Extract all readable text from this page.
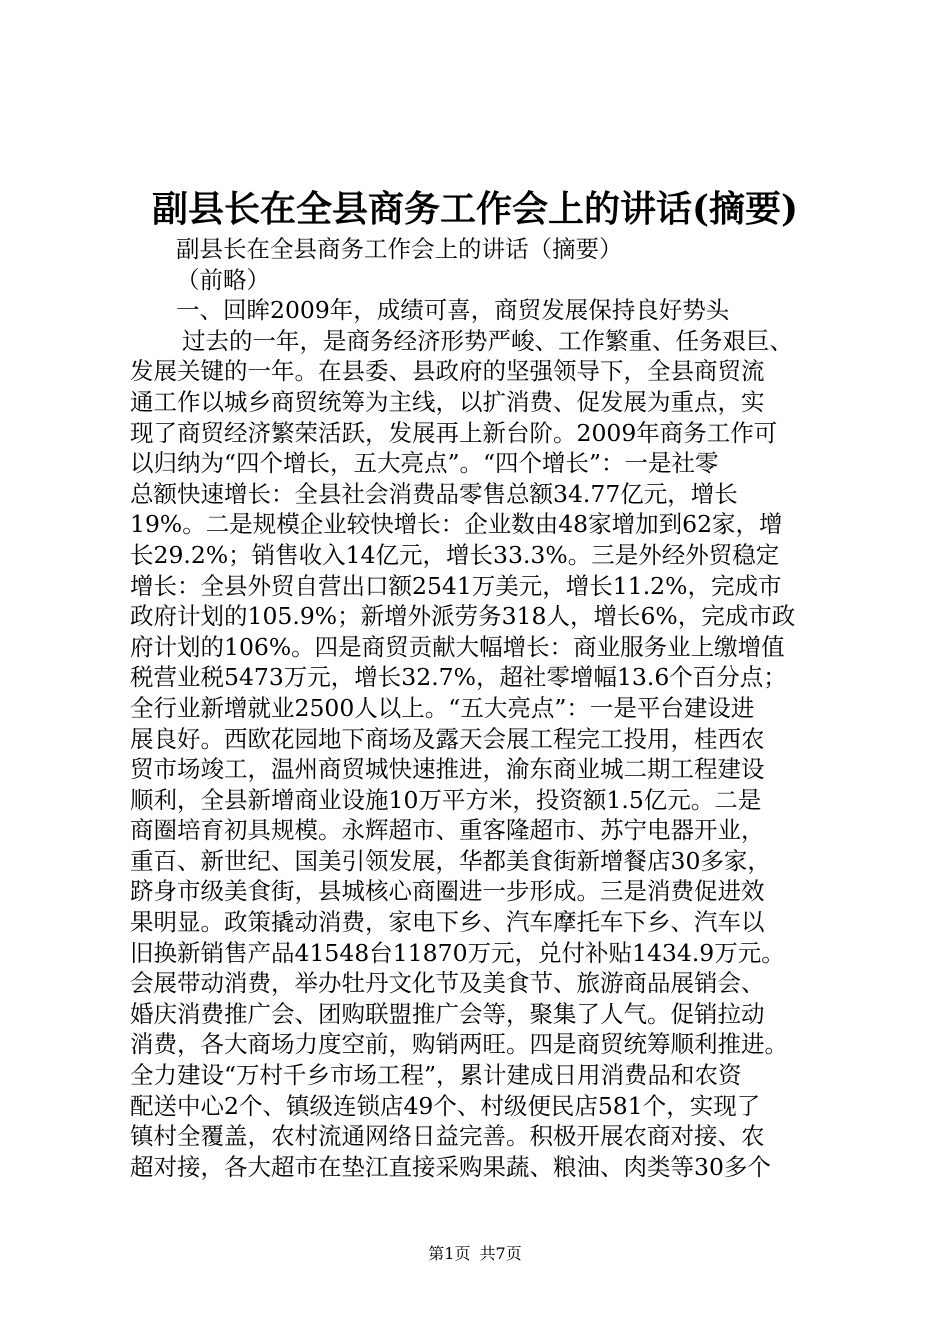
副县长在全县商务工作会上的讲话(摘要)
副县长在全县商务工作会上的讲话（摘要）
（前略）
一、回眸2009年，成绩可喜，商贸发展保持良好势头
过去的一年，是商务经济形势严峻、工作繁重、任务艰巨、
发展关键的一年。在县委、县政府的坚强领导下，全县商贸流
通工作以城乡商贸统筹为主线，以扩消费、促发展为重点，实
现了商贸经济繁荣活跃，发展再上新台阶。2009年商务工作可
以归纳为“四个增长，五大亮点”。“四个增长”：一是社零
总额快速增长：全县社会消费品零售总额34.77亿元，增长
19%。二是规模企业较快增长：企业数由48家增加到62家，增
长29.2%；销售收入14亿元，增长33.3%。三是外经外贸稳定
增长：全县外贸自营出口额2541万美元，增长11.2%，完成市
政府计划的105.9%；新增外派劳务318人，增长6%，完成市政
府计划的106%。四是商贸贡献大幅增长：商业服务业上缴增值
税营业税5473万元，增长32.7%，超社零增幅13.6个百分点；
全行业新增就业2500人以上。“五大亮点”：一是平台建设进
展良好。西欧花园地下商场及露天会展工程完工投用，桂西农
贸市场竣工，温州商贸城快速推进，渝东商业城二期工程建设
顺利，全县新增商业设施10万平方米，投资额1.5亿元。二是
商圈培育初具规模。永辉超市、重客隆超市、苏宁电器开业，
重百、新世纪、国美引领发展，华都美食街新增餐店30多家，
跻身市级美食街，县城核心商圈进一步形成。三是消费促进效
果明显。政策撬动消费，家电下乡、汽车摩托车下乡、汽车以
旧换新销售产品41548台11870万元，兑付补贴1434.9万元。
会展带动消费，举办牡丹文化节及美食节、旅游商品展销会、
婚庆消费推广会、团购联盟推广会等，聚集了人气。促销拉动
消费，各大商场力度空前，购销两旺。四是商贸统筹顺利推进。
全力建设“万村千乡市场工程”，累计建成日用消费品和农资
配送中心2个、镇级连锁店49个、村级便民店581个，实现了
镇村全覆盖，农村流通网络日益完善。积极开展农商对接、农
超对接，各大超市在垫江直接采购果蔬、粮油、肉类等30多个
第1页 共7页
